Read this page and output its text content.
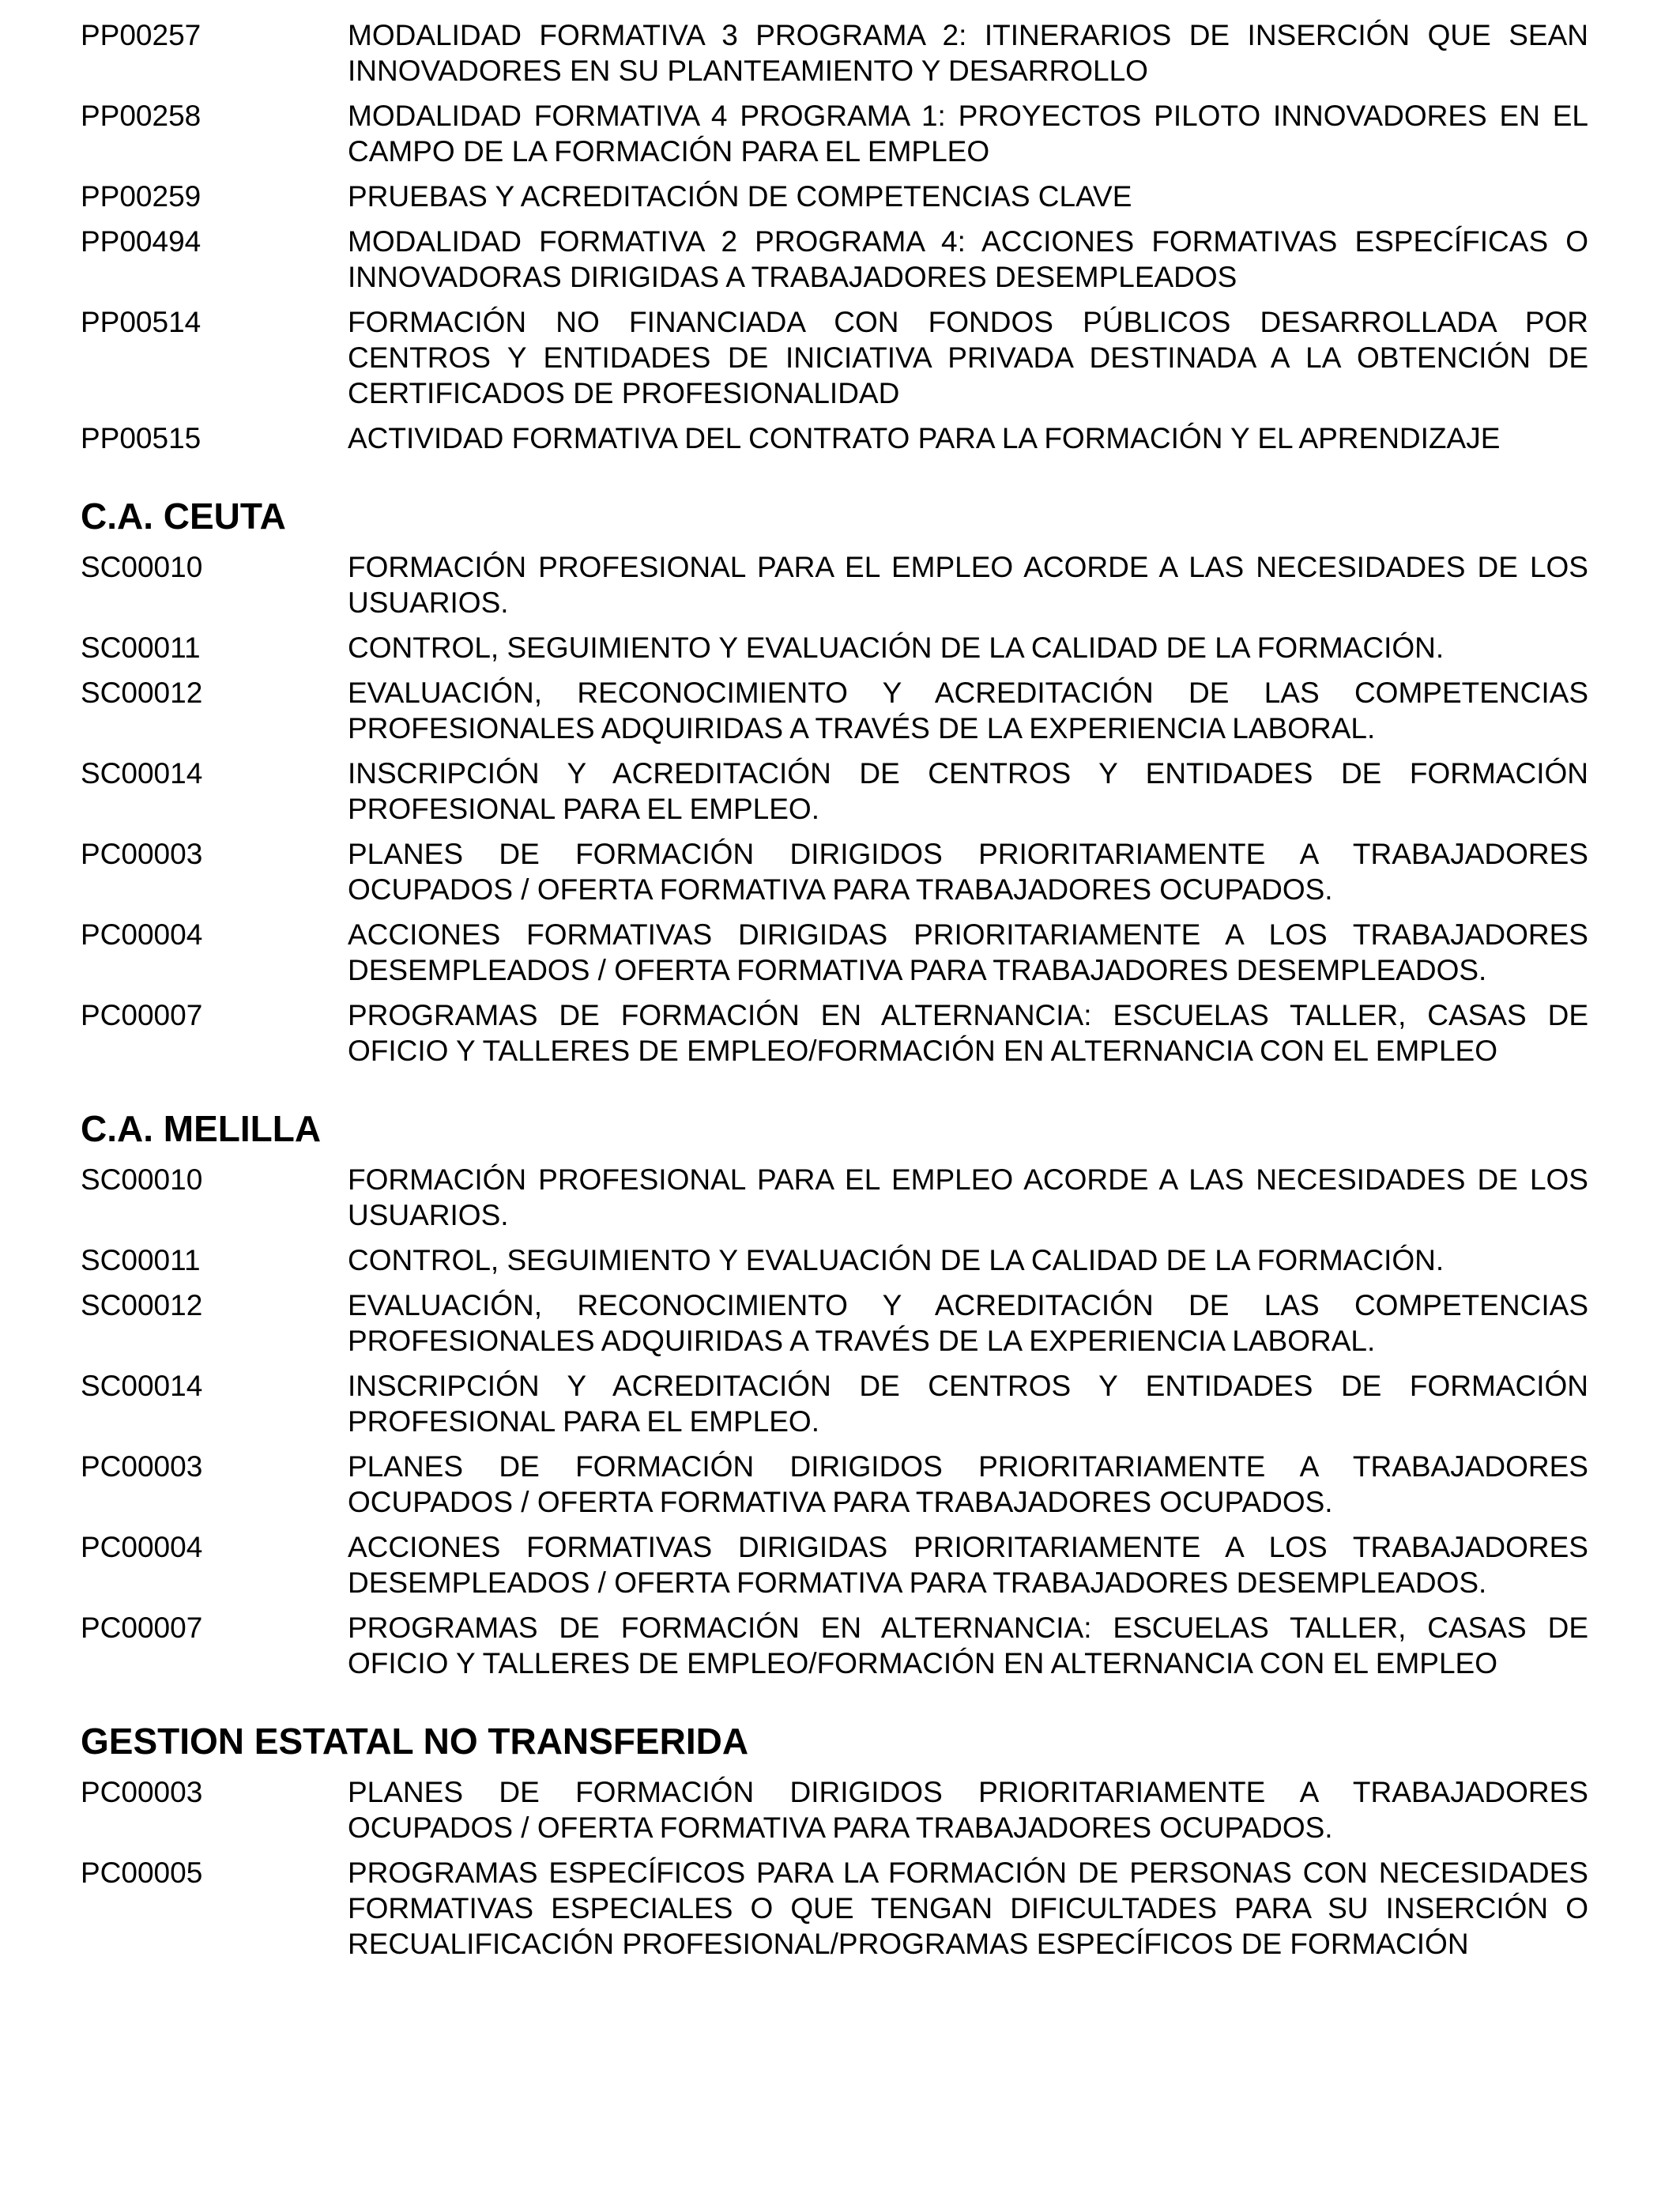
PP00257	MODALIDAD FORMATIVA 3 PROGRAMA 2: ITINERARIOS DE INSERCIÓN QUE SEAN INNOVADORES EN SU PLANTEAMIENTO Y DESARROLLO
PP00258	MODALIDAD FORMATIVA 4 PROGRAMA 1: PROYECTOS PILOTO INNOVADORES EN EL CAMPO DE LA FORMACIÓN PARA EL EMPLEO
PP00259	PRUEBAS Y ACREDITACIÓN DE COMPETENCIAS CLAVE
PP00494	MODALIDAD FORMATIVA 2 PROGRAMA 4: ACCIONES FORMATIVAS ESPECÍFICAS O INNOVADORAS DIRIGIDAS A TRABAJADORES DESEMPLEADOS
PP00514	FORMACIÓN NO FINANCIADA CON FONDOS PÚBLICOS DESARROLLADA POR CENTROS Y ENTIDADES DE INICIATIVA PRIVADA DESTINADA A LA OBTENCIÓN DE CERTIFICADOS DE PROFESIONALIDAD
PP00515	ACTIVIDAD FORMATIVA DEL CONTRATO PARA LA FORMACIÓN Y EL APRENDIZAJE
C.A. CEUTA
SC00010	FORMACIÓN PROFESIONAL PARA EL EMPLEO ACORDE A LAS NECESIDADES DE LOS USUARIOS.
SC00011	CONTROL, SEGUIMIENTO Y EVALUACIÓN DE LA CALIDAD DE LA FORMACIÓN.
SC00012	EVALUACIÓN, RECONOCIMIENTO Y ACREDITACIÓN DE LAS COMPETENCIAS PROFESIONALES ADQUIRIDAS A TRAVÉS DE LA EXPERIENCIA LABORAL.
SC00014	INSCRIPCIÓN Y ACREDITACIÓN DE CENTROS Y ENTIDADES DE FORMACIÓN PROFESIONAL PARA EL EMPLEO.
PC00003	PLANES DE FORMACIÓN DIRIGIDOS PRIORITARIAMENTE A TRABAJADORES OCUPADOS / OFERTA FORMATIVA PARA TRABAJADORES OCUPADOS.
PC00004	ACCIONES FORMATIVAS DIRIGIDAS PRIORITARIAMENTE A LOS TRABAJADORES DESEMPLEADOS / OFERTA FORMATIVA PARA TRABAJADORES DESEMPLEADOS.
PC00007	PROGRAMAS DE FORMACIÓN EN ALTERNANCIA: ESCUELAS TALLER, CASAS DE OFICIO Y TALLERES DE EMPLEO/FORMACIÓN EN ALTERNANCIA CON EL EMPLEO
C.A. MELILLA
SC00010	FORMACIÓN PROFESIONAL PARA EL EMPLEO ACORDE A LAS NECESIDADES DE LOS USUARIOS.
SC00011	CONTROL, SEGUIMIENTO Y EVALUACIÓN DE LA CALIDAD DE LA FORMACIÓN.
SC00012	EVALUACIÓN, RECONOCIMIENTO Y ACREDITACIÓN DE LAS COMPETENCIAS PROFESIONALES ADQUIRIDAS A TRAVÉS DE LA EXPERIENCIA LABORAL.
SC00014	INSCRIPCIÓN Y ACREDITACIÓN DE CENTROS Y ENTIDADES DE FORMACIÓN PROFESIONAL PARA EL EMPLEO.
PC00003	PLANES DE FORMACIÓN DIRIGIDOS PRIORITARIAMENTE A TRABAJADORES OCUPADOS / OFERTA FORMATIVA PARA TRABAJADORES OCUPADOS.
PC00004	ACCIONES FORMATIVAS DIRIGIDAS PRIORITARIAMENTE A LOS TRABAJADORES DESEMPLEADOS / OFERTA FORMATIVA PARA TRABAJADORES DESEMPLEADOS.
PC00007	PROGRAMAS DE FORMACIÓN EN ALTERNANCIA: ESCUELAS TALLER, CASAS DE OFICIO Y TALLERES DE EMPLEO/FORMACIÓN EN ALTERNANCIA CON EL EMPLEO
GESTION ESTATAL NO TRANSFERIDA
PC00003	PLANES DE FORMACIÓN DIRIGIDOS PRIORITARIAMENTE A TRABAJADORES OCUPADOS / OFERTA FORMATIVA PARA TRABAJADORES OCUPADOS.
PC00005	PROGRAMAS ESPECÍFICOS PARA LA FORMACIÓN DE PERSONAS CON NECESIDADES FORMATIVAS ESPECIALES O QUE TENGAN DIFICULTADES PARA SU INSERCIÓN O RECUALIFICACIÓN PROFESIONAL/PROGRAMAS ESPECÍFICOS DE FORMACIÓN
